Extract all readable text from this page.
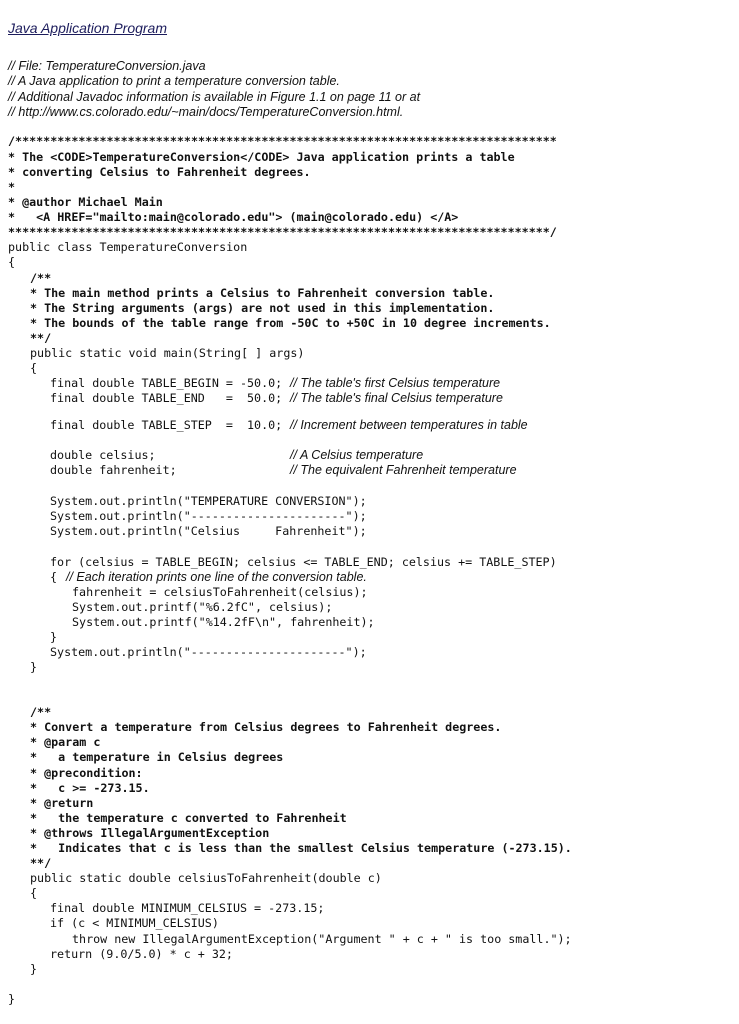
Java Application Program
// File: TemperatureConversion.java
// A Java application to print a temperature conversion table.
// Additional Javadoc information is available in Figure 1.1 on page 11 or at
// http://www.cs.colorado.edu/~main/docs/TemperatureConversion.html.
/*****************************************************************************
* The <CODE>TemperatureConversion</CODE> Java application prints a table
* converting Celsius to Fahrenheit degrees.
*
* @author Michael Main
*   <A HREF="mailto:main@colorado.edu"> (main@colorado.edu) </A>
*****************************************************************************/
public class TemperatureConversion
{
/**
* The main method prints a Celsius to Fahrenheit conversion table.
* The String arguments (args) are not used in this implementation.
* The bounds of the table range from -50C to +50C in 10 degree increments.
**/
public static void main(String[ ] args)
{
final double TABLE_BEGIN = -50.0; // The table's first Celsius temperature
final double TABLE_END   =  50.0; // The table's final Celsius temperature
final double TABLE_STEP  =  10.0; // Increment between temperatures in table
double celsius;	// A Celsius temperature
double fahrenheit;	// The equivalent Fahrenheit temperature
System.out.println("TEMPERATURE CONVERSION");
System.out.println("----------------------");
System.out.println("Celsius     Fahrenheit");
for (celsius = TABLE_BEGIN; celsius <= TABLE_END; celsius += TABLE_STEP)
{ // Each iteration prints one line of the conversion table.
fahrenheit = celsiusToFahrenheit(celsius);
System.out.printf("%6.2fC", celsius);
System.out.printf("%14.2fF\n", fahrenheit);
}
System.out.println("----------------------");
}
/**
* Convert a temperature from Celsius degrees to Fahrenheit degrees.
* @param c
*   a temperature in Celsius degrees
* @precondition:
*   c >= -273.15.
* @return
*   the temperature c converted to Fahrenheit
* @throws IllegalArgumentException
*   Indicates that c is less than the smallest Celsius temperature (-273.15).
**/
public static double celsiusToFahrenheit(double c)
{
final double MINIMUM_CELSIUS = -273.15;
if (c < MINIMUM_CELSIUS)
throw new IllegalArgumentException("Argument " + c + " is too small.");
return (9.0/5.0) * c + 32;
}
}
